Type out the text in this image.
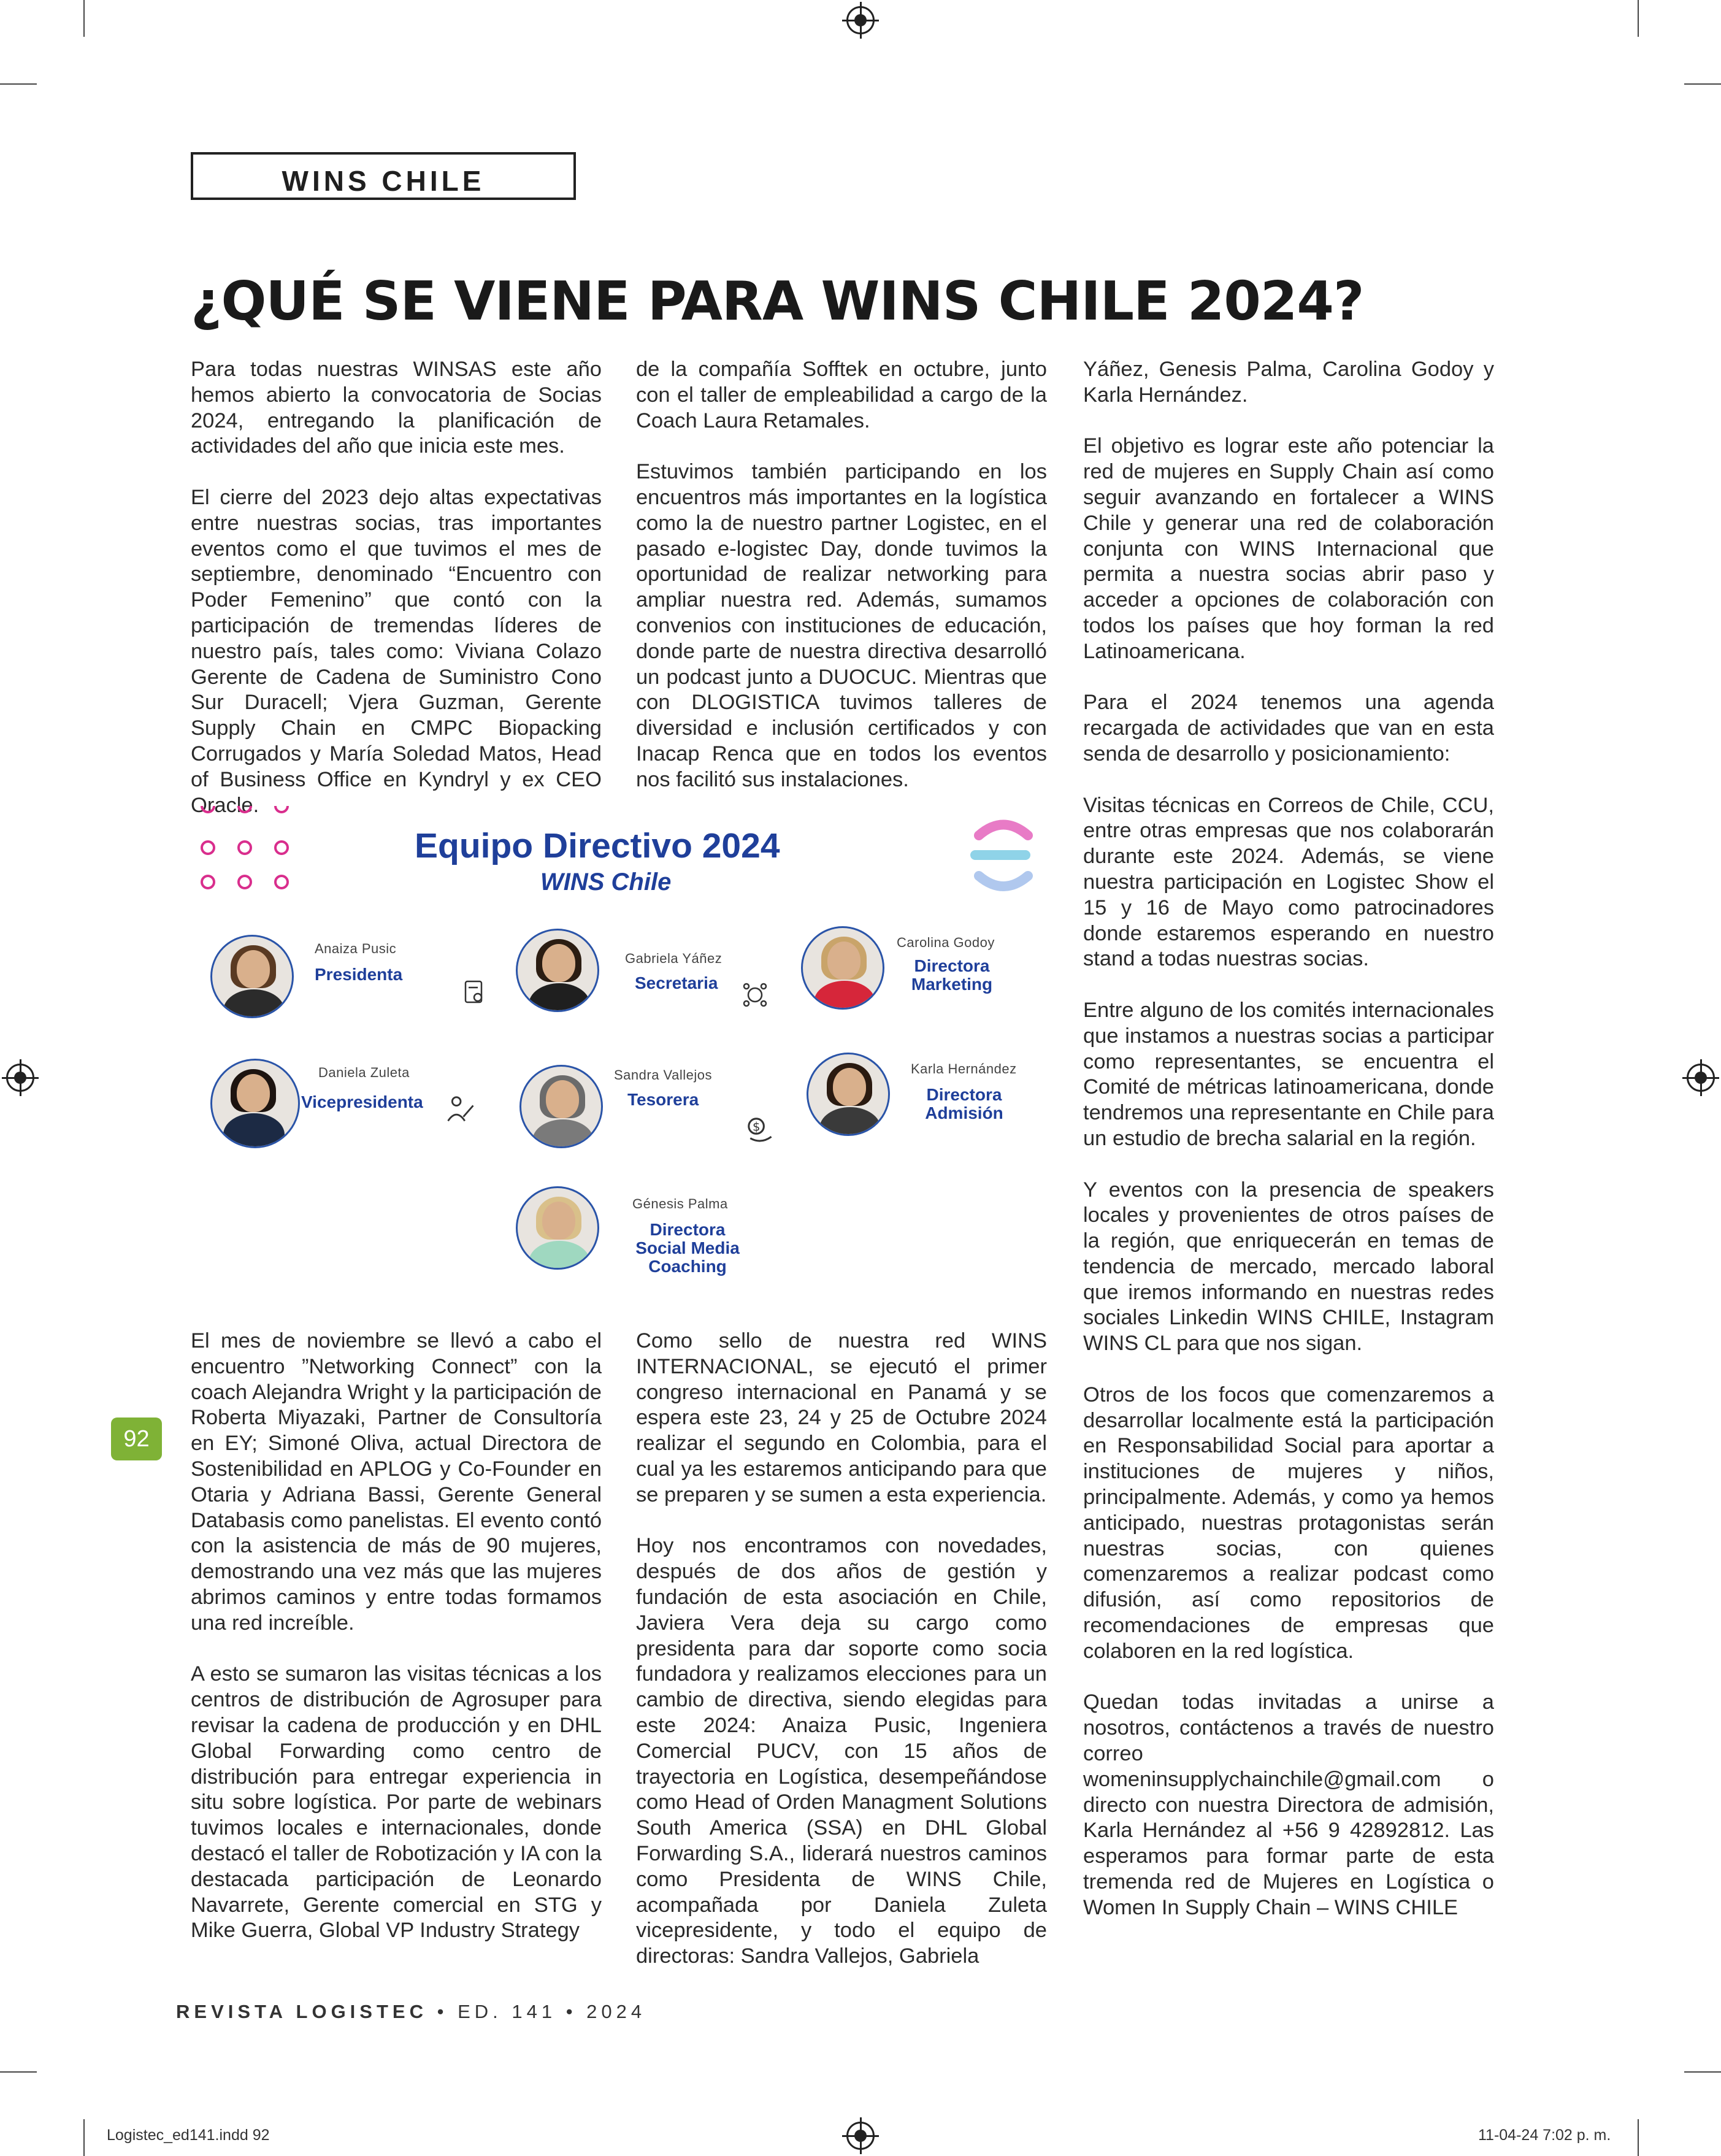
WINS CHILE
¿QUÉ SE VIENE PARA WINS CHILE 2024?

Para todas nuestras WINSAS este año hemos abierto la convocatoria de Socias 2024, entregando la planificación de actividades del año que inicia este mes.

El cierre del 2023 dejo altas expectativas entre nuestras socias, tras importantes eventos como el que tuvimos el mes de septiembre, denominado “Encuentro con Poder Femenino” que contó con la participación de tremendas líderes de nuestro país, tales como: Viviana Colazo Gerente de Cadena de Suministro Cono Sur Duracell; Vjera Guzman, Gerente Supply Chain en CMPC Biopacking Corrugados y María Soledad Matos, Head of Business Office en Kyndryl y ex CEO Oracle.

de la compañía Sofftek en octubre, junto con el taller de empleabilidad a cargo de la Coach Laura Retamales.

Estuvimos también participando en los encuentros más importantes en la logística como la de nuestro partner Logistec, en el pasado e-logistec Day, donde tuvimos la oportunidad de realizar networking para ampliar nuestra red. Además, sumamos convenios con instituciones de educación, donde parte de nuestra directiva desarrolló un podcast junto a DUOCUC. Mientras que con DLOGISTICA tuvimos talleres de diversidad e inclusión certificados y con Inacap Renca que en todos los eventos nos facilitó sus instalaciones.

Yáñez, Genesis Palma, Carolina Godoy y Karla Hernández.

El objetivo es lograr este año potenciar la red de mujeres en Supply Chain así como seguir avanzando en fortalecer a WINS Chile y generar una red de colaboración conjunta con WINS Internacional que permita a nuestra socias abrir paso y acceder a opciones de colaboración con todos los países que hoy forman la red Latinoamericana.

Para el 2024 tenemos una agenda recargada de actividades que van en esta senda de desarrollo y posicionamiento:

Visitas técnicas en Correos de Chile, CCU, entre otras empresas que nos colaborarán durante este 2024. Además, se viene nuestra participación en Logistec Show el 15 y 16 de Mayo como patrocinadores donde estaremos esperando en nuestro stand a todas nuestras socias.

Entre alguno de los comités internacionales que instamos a nuestras socias a participar como representantes, se encuentra el Comité de métricas latinoamericana, donde tendremos una representante en Chile para un estudio de brecha salarial en la región.

Y eventos con la presencia de speakers locales y provenientes de otros países de la región, que enriquecerán en temas de tendencia de mercado, mercado laboral que iremos informando en nuestras redes sociales Linkedin WINS CHILE, Instagram WINS CL para que nos sigan.

Otros de los focos que comenzaremos a desarrollar localmente está la participación en Responsabilidad Social para aportar a instituciones de mujeres y niños, principalmente. Además, y como ya hemos anticipado, nuestras protagonistas serán nuestras socias, con quienes comenzaremos a realizar podcast como difusión, así como repositorios de recomendaciones de empresas que colaboren en la red logística.

Quedan todas invitadas a unirse a nosotros, contáctenos a través de nuestro correo womeninsupplychainchile@gmail.com o directo con nuestra Directora de admisión, Karla Hernández al +56 9 42892812. Las esperamos para formar parte de esta tremenda red de Mujeres en Logística o Women In Supply Chain – WINS CHILE

Equipo Directivo 2024
WINS Chile
Anaiza Pusic
Presidenta
Gabriela Yáñez
Secretaria
Carolina Godoy
Directora Marketing
Daniela Zuleta
Vicepresidenta
Sandra Vallejos
Tesorera
$
Karla Hernández
Directora Admisión
Génesis Palma
Directora Social Media Coaching

El mes de noviembre se llevó a cabo el encuentro ”Networking Connect” con la coach Alejandra Wright y la participación de Roberta Miyazaki, Partner de Consultoría en EY; Simoné Oliva, actual Directora de Sostenibilidad en APLOG y Co-Founder en Otaria y Adriana Bassi, Gerente General Databasis como panelistas. El evento contó con la asistencia de más de 90 mujeres, demostrando una vez más que las mujeres abrimos caminos y entre todas formamos una red increíble.

A esto se sumaron las visitas técnicas a los centros de distribución de Agrosuper para revisar la cadena de producción y en DHL Global Forwarding como centro de distribución para entregar experiencia in situ sobre logística. Por parte de webinars tuvimos locales e internacionales, donde destacó el taller de Robotización y IA con la destacada participación de Leonardo Navarrete, Gerente comercial en STG y Mike Guerra, Global VP Industry Strategy

Como sello de nuestra red WINS INTERNACIONAL, se ejecutó el primer congreso internacional en Panamá y se espera este 23, 24 y 25 de Octubre 2024 realizar el segundo en Colombia, para el cual ya les estaremos anticipando para que se preparen y se sumen a esta experiencia.

Hoy nos encontramos con novedades, después de dos años de gestión y fundación de esta asociación en Chile, Javiera Vera deja su cargo como presidenta para dar soporte como socia fundadora y realizamos elecciones para un cambio de directiva, siendo elegidas para este 2024: Anaiza Pusic, Ingeniera Comercial PUCV, con 15 años de trayectoria en Logística, desempeñándose como Head of Orden Managment Solutions South America (SSA) en DHL Global Forwarding S.A., liderará nuestros caminos como Presidenta de WINS Chile, acompañada por Daniela Zuleta vicepresidente, y todo el equipo de directoras: Sandra Vallejos, Gabriela

92
REVISTA LOGISTEC • ED. 141 • 2024
Logistec_ed141.indd 92	11-04-24 7:02 p. m.
